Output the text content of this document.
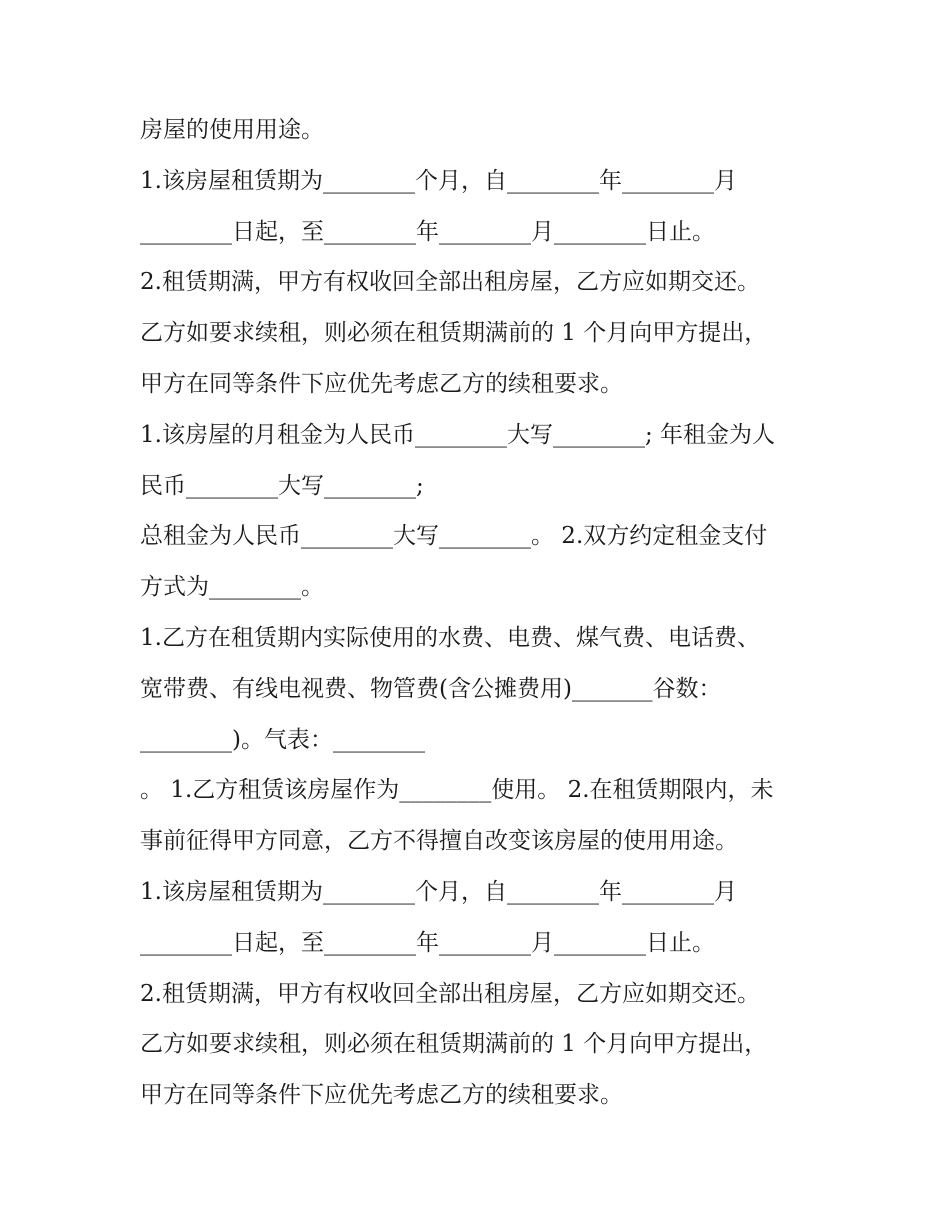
房屋的使用用途。
1.该房屋租赁期为________个月，自________年________月
________日起，至________年________月________日止。
2.租赁期满，甲方有权收回全部出租房屋，乙方应如期交还。
乙方如要求续租，则必须在租赁期满前的 1 个月向甲方提出，
甲方在同等条件下应优先考虑乙方的续租要求。
1.该房屋的月租金为人民币________大写________; 年租金为人
民币________大写________;
总租金为人民币________大写________。 2.双方约定租金支付
方式为________。
1.乙方在租赁期内实际使用的水费、电费、煤气费、电话费、
宽带费、有线电视费、物管费(含公摊费用)_______谷数：
________)。气表：________
。 1.乙方租赁该房屋作为________使用。 2.在租赁期限内，未
事前征得甲方同意，乙方不得擅自改变该房屋的使用用途。
1.该房屋租赁期为________个月，自________年________月
________日起，至________年________月________日止。
2.租赁期满，甲方有权收回全部出租房屋，乙方应如期交还。
乙方如要求续租，则必须在租赁期满前的 1 个月向甲方提出，
甲方在同等条件下应优先考虑乙方的续租要求。
